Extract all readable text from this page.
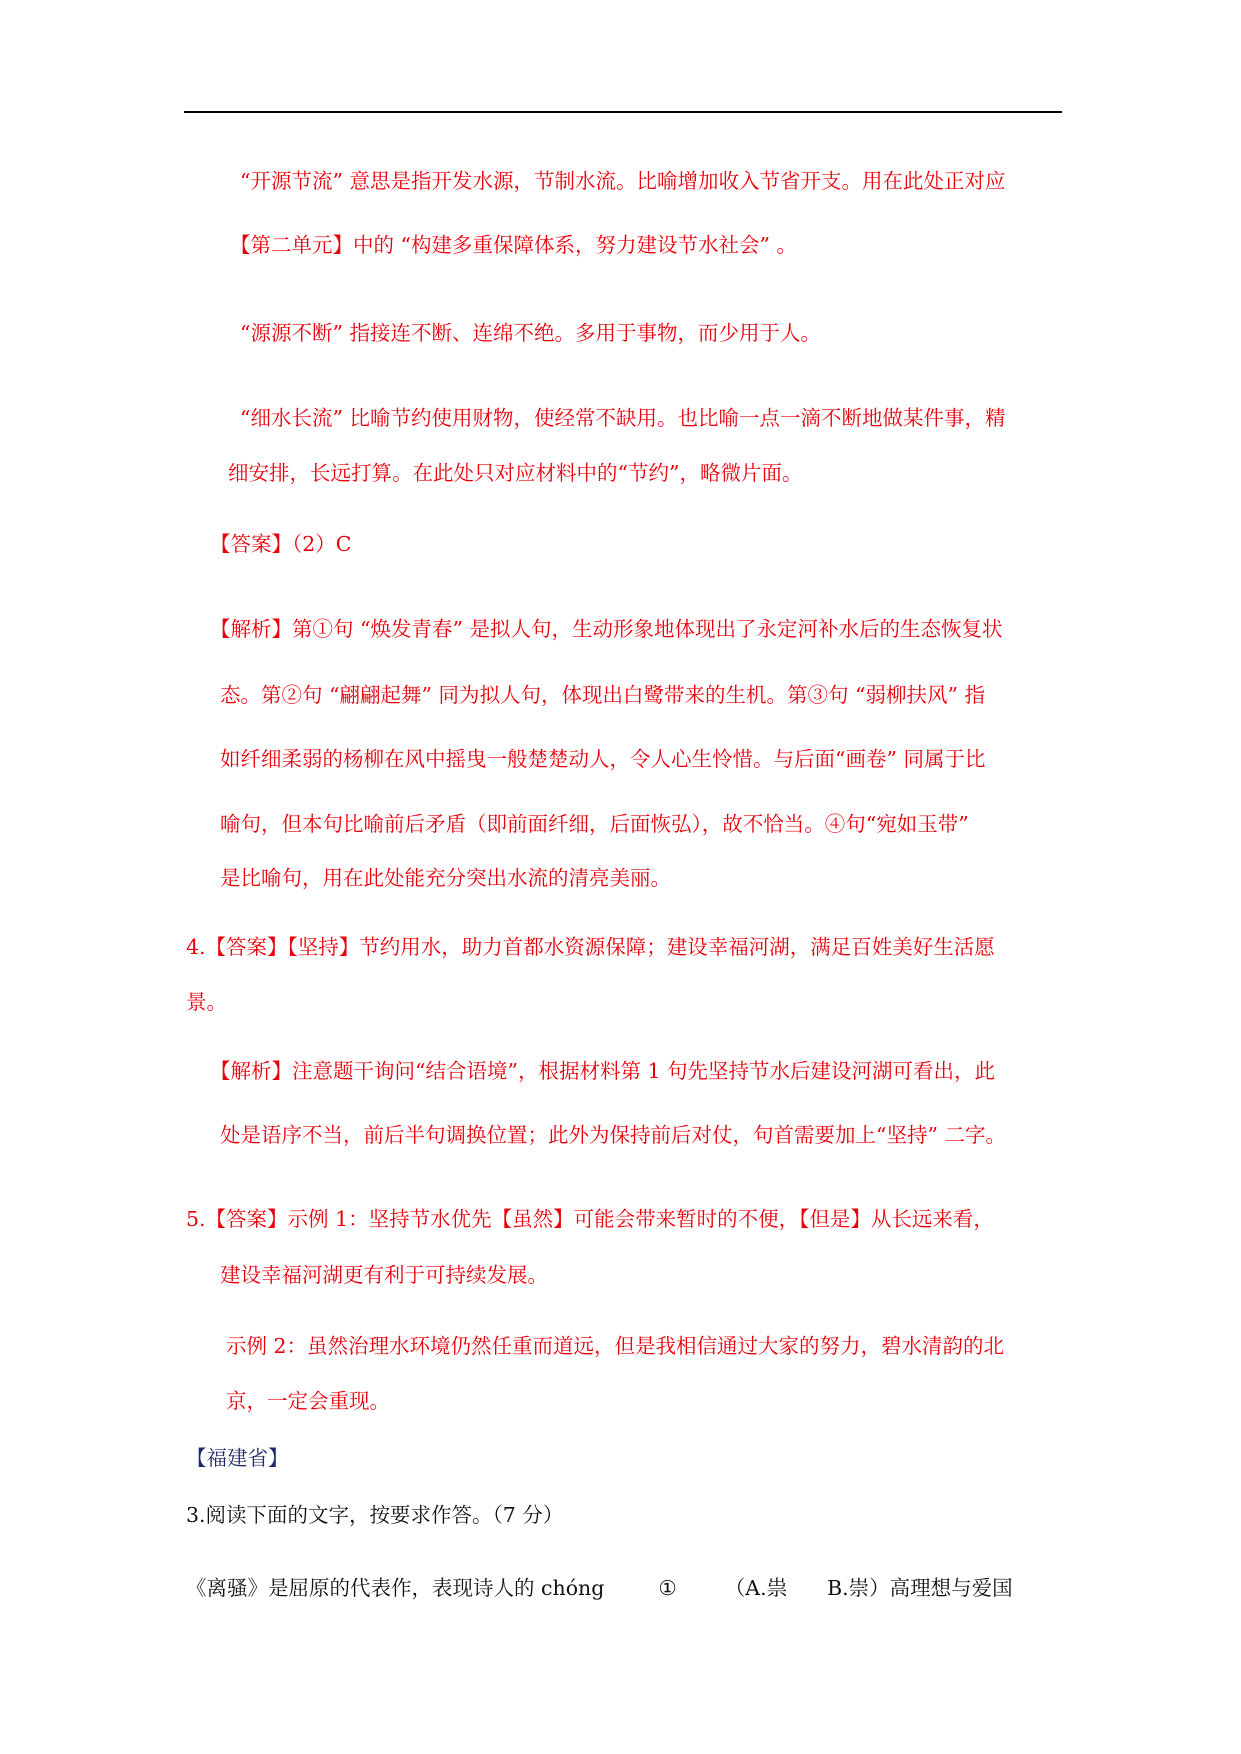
“开源节流” 意思是指开发水源，节制水流。比喻增加收入节省开支。用在此处正对应
【第二单元】中的 “构建多重保障体系，努力建设节水社会” 。
“源源不断” 指接连不断、连绵不绝。多用于事物，而少用于人。
“细水长流” 比喻节约使用财物，使经常不缺用。也比喻一点一滴不断地做某件事，精
细安排，长远打算。在此处只对应材料中的“节约”，略微片面。
【答案】（2）C
【解析】第①句 “焕发青春” 是拟人句，生动形象地体现出了永定河补水后的生态恢复状
态。第②句 “翩翩起舞” 同为拟人句，体现出白鹭带来的生机。第③句 “弱柳扶风” 指
如纤细柔弱的杨柳在风中摇曳一般楚楚动人，令人心生怜惜。与后面“画卷” 同属于比
喻句，但本句比喻前后矛盾（即前面纤细，后面恢弘），故不恰当。④句“宛如玉带”
是比喻句，用在此处能充分突出水流的清亮美丽。
4.【答案】【坚持】节约用水，助力首都水资源保障；建设幸福河湖，满足百姓美好生活愿
景。
【解析】注意题干询问“结合语境”，根据材料第 1 句先坚持节水后建设河湖可看出，此
处是语序不当，前后半句调换位置；此外为保持前后对仗，句首需要加上“坚持” 二字。
5.【答案】示例 1：坚持节水优先【虽然】可能会带来暂时的不便，【但是】从长远来看，
建设幸福河湖更有利于可持续发展。
示例 2：虽然治理水环境仍然任重而道远，但是我相信通过大家的努力，碧水清韵的北
京，一定会重现。
【福建省】
3.阅读下面的文字，按要求作答。（7 分）
《离骚》是屈原的代表作，表现诗人的 chóng	① （A.祟 B.崇）高理想与爱国
